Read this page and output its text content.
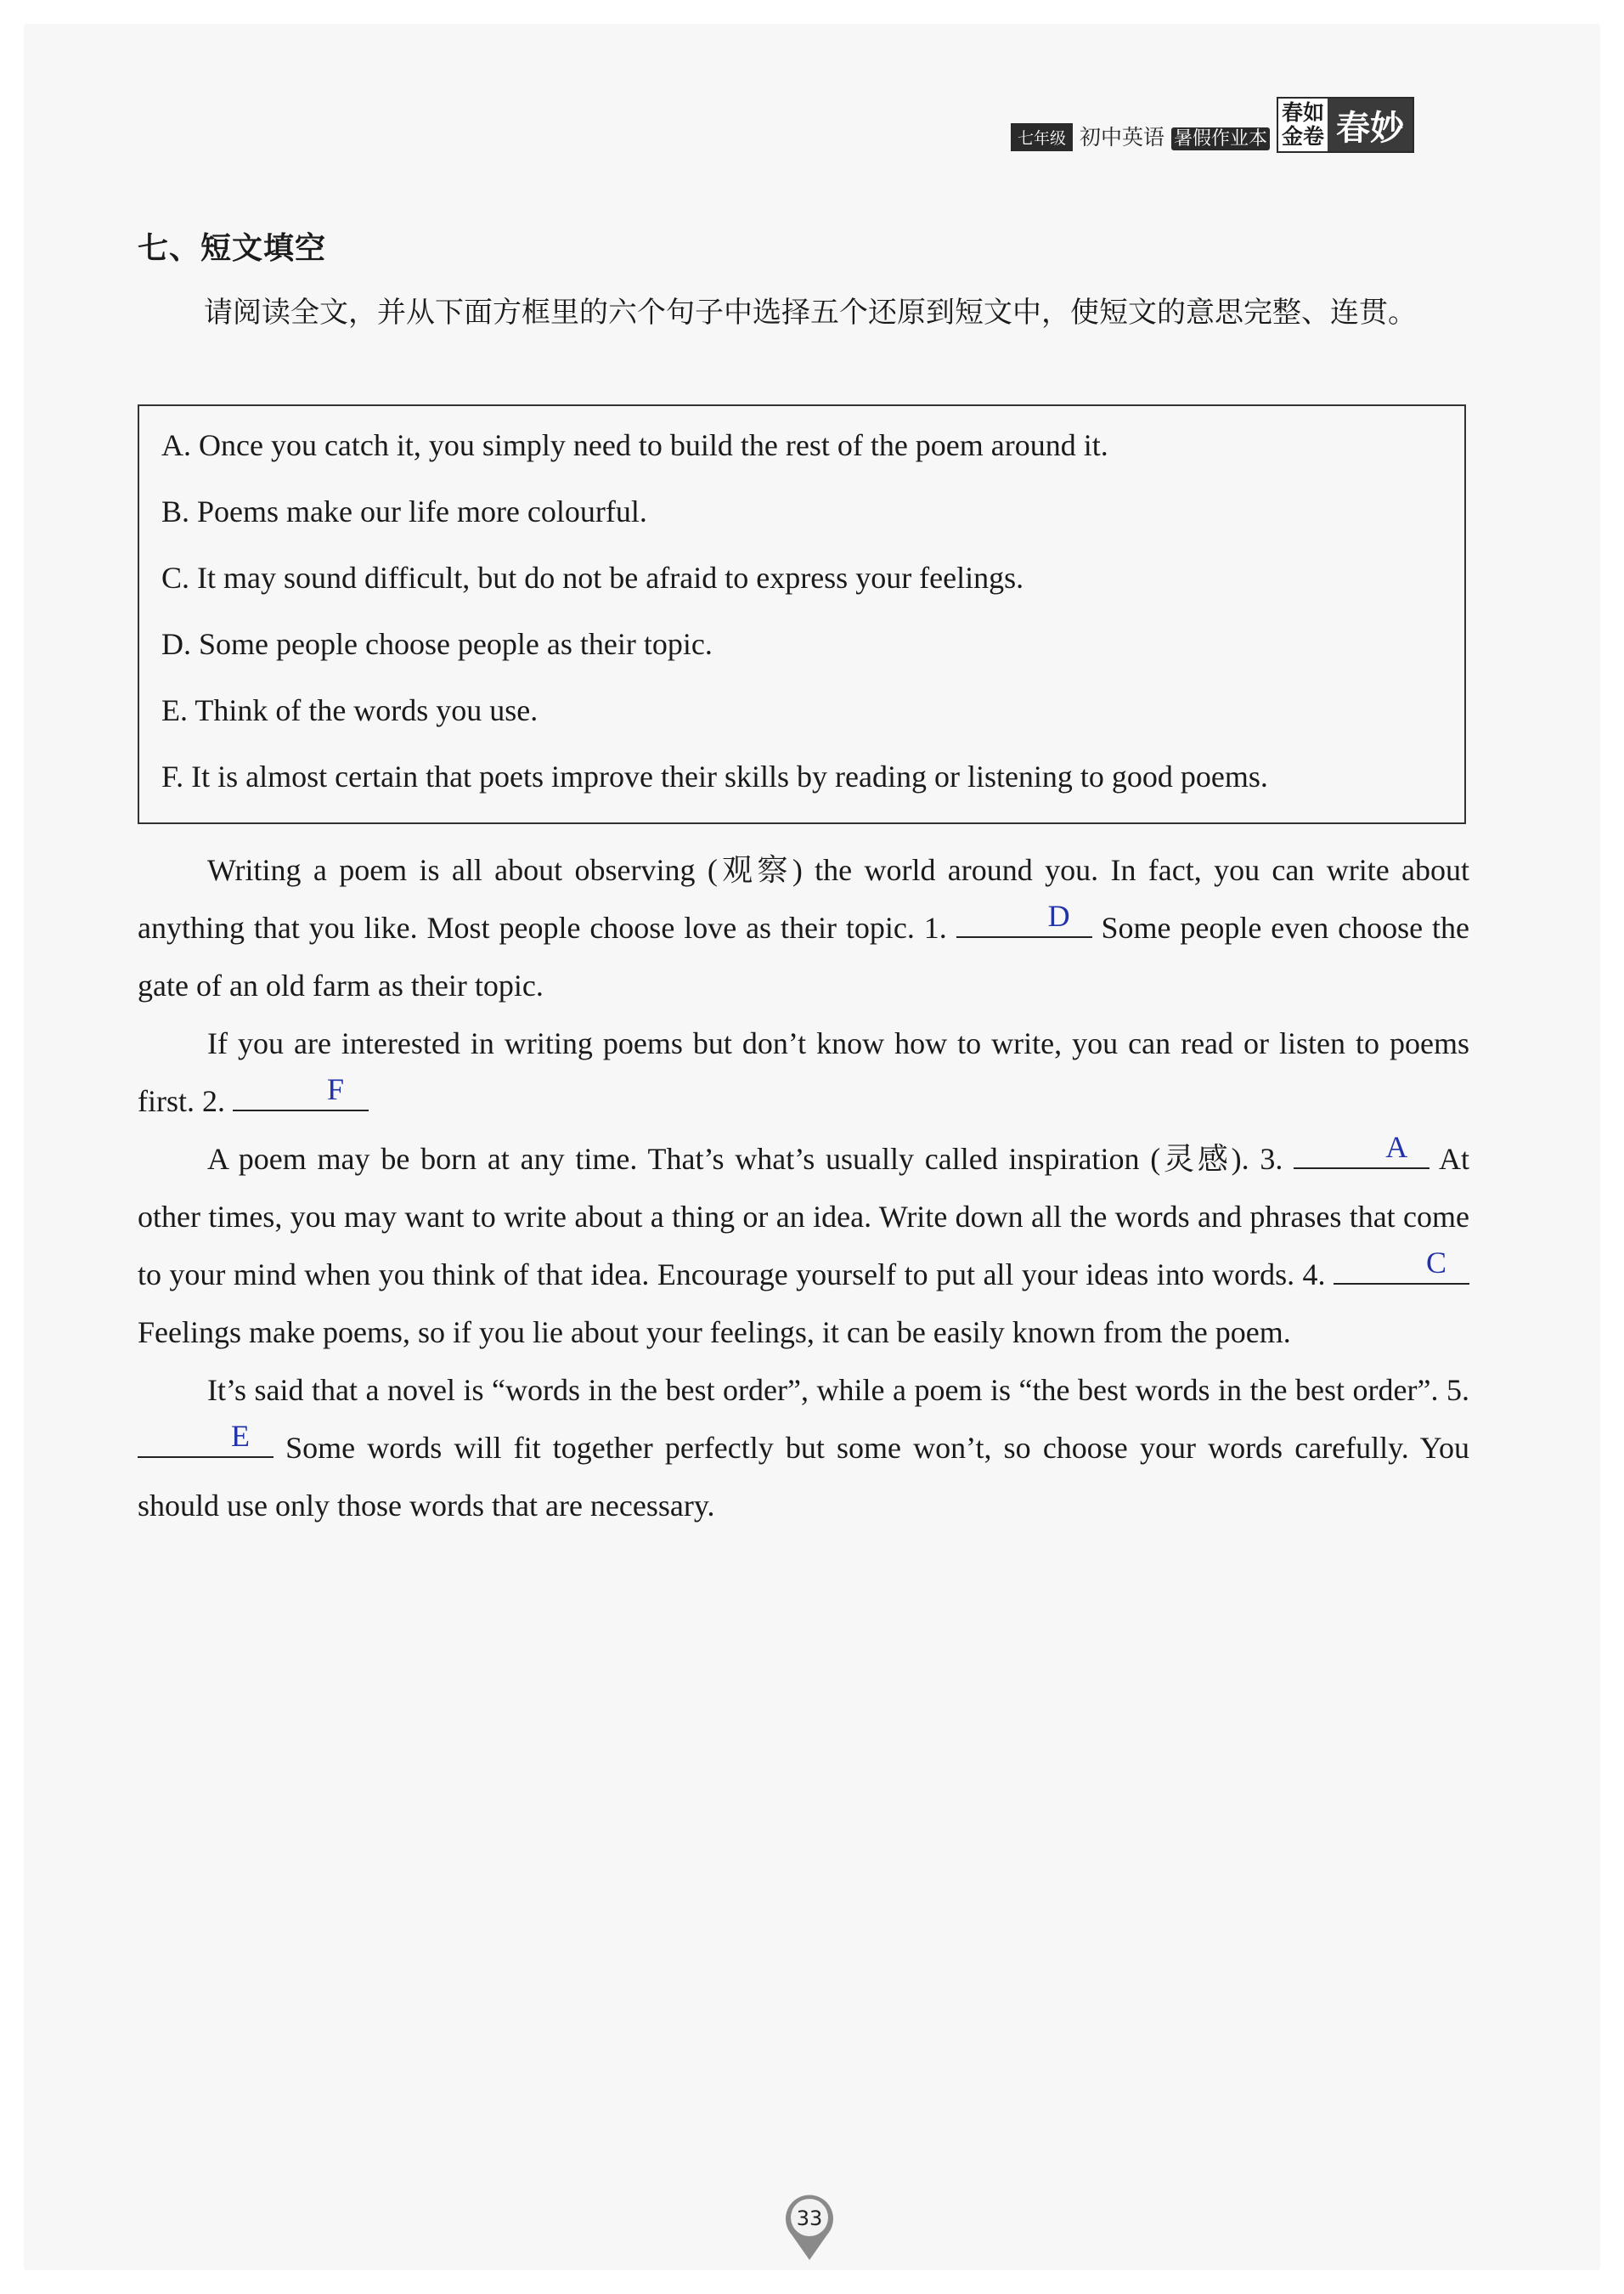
七年级 初中英语 暑假作业本
春如
金卷 春妙
七、短文填空
请阅读全文，并从下面方框里的六个句子中选择五个还原到短文中，使短文的意思完整、连贯。
A. Once you catch it, you simply need to build the rest of the poem around it.
B. Poems make our life more colourful.
C. It may sound difficult, but do not be afraid to express your feelings.
D. Some people choose people as their topic.
E. Think of the words you use.
F. It is almost certain that poets improve their skills by reading or listening to good poems.

Writing a poem is all about observing (观察) the world around you. In fact, you can write about anything that you like. Most people choose love as their topic. 1.	D	Some people even choose the gate of an old farm as their topic.

If you are interested in writing poems but don’t know how to write, you can read or listen to poems first. 2.	F

A poem may be born at any time. That’s what’s usually called inspiration (灵感). 3.	A	At other times, you may want to write about a thing or an idea. Write down all the words and phrases that come to your mind when you think of that idea. Encourage yourself to put all your ideas into words. 4.	C
Feelings make poems, so if you lie about your feelings, it can be easily known from the poem.

It’s said that a novel is “words in the best order”, while a poem is “the best words in the best order”. 5.
E	Some words will fit together perfectly but some won’t, so choose your words carefully. You should use only those words that are necessary.

33
